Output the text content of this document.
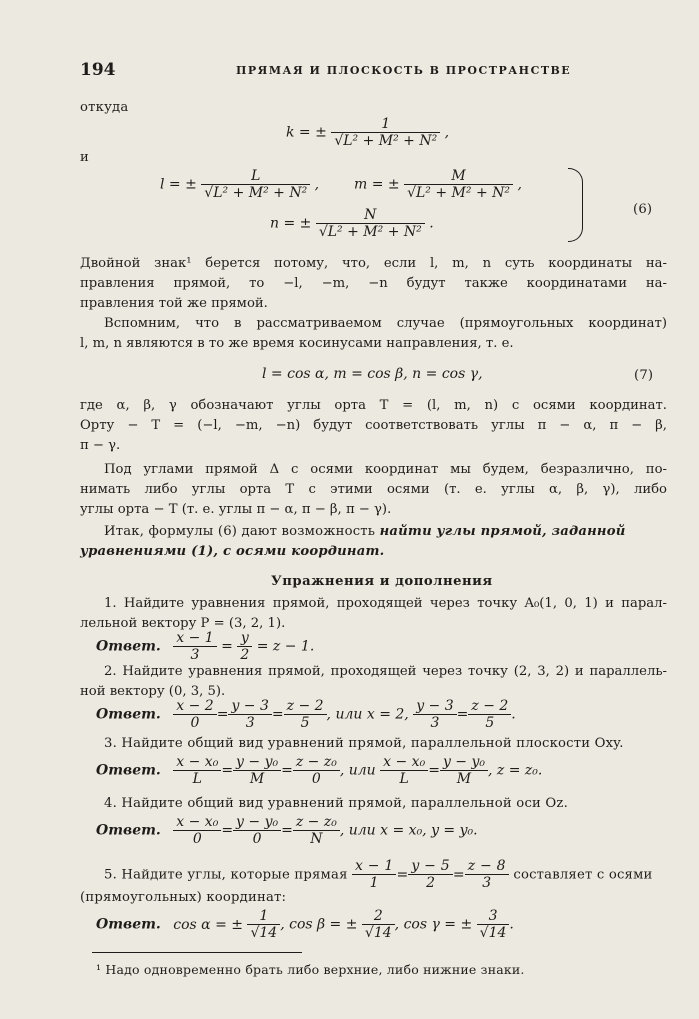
194	ПРЯМАЯ И ПЛОСКОСТЬ В ПРОСТРАНСТВЕ
откуда
k = ± $\frac{1}{\text{√L² + M² + N²}}$ ,
и
l = ± $\frac{L}{\text{√L² + M² + N²}}$ , m = ± $\frac{M}{\text{√L² + M² + N²}}$ ,
n = ± $\frac{N}{\text{√L² + M² + N²}}$ .
(6)
Двойной знак¹ берется потому, что, если l, m, n суть координаты на-
правления прямой, то −l, −m, −n будут также координатами на-
правления той же прямой.
Вспомним, что в рассматриваемом случае (прямоугольных координат)
l, m, n являются в то же время косинусами направления, т. е.
l = cos α, m = cos β, n = cos γ,	(7)
где α, β, γ обозначают углы орта T = (l, m, n) с осями координат.
Орту − T = (−l, −m, −n) будут соответствовать углы π − α, π − β,
π − γ.
Под углами прямой Δ с осями координат мы будем, безразлично, по-
нимать либо углы орта T с этими осями (т. е. углы α, β, γ), либо
углы орта − T (т. е. углы π − α, π − β, π − γ).
Итак, формулы (6) дают возможность найти углы прямой, заданной
уравнениями (1), с осями координат.
Упражнения и дополнения
1. Найдите уравнения прямой, проходящей через точку A₀(1, 0, 1) и парал-
лельной вектору P = (3, 2, 1).
Ответ. $\frac{x - 1}{3} = \frac{y}{2} = z - 1$.
2. Найдите уравнения прямой, проходящей через точку (2, 3, 2) и параллель-
ной вектору (0, 3, 5).
Ответ. $\frac{x - 2}{0} = \frac{y - 3}{3} = \frac{z - 2}{5}$ , или x = 2, $\frac{y - 3}{3} = \frac{z - 2}{5}$ .
3. Найдите общий вид уравнений прямой, параллельной плоскости Oxy.
Ответ. $\frac{\text{x − x₀}}{L} = \frac{\text{y − y₀}}{M} = \frac{\text{z − z₀}}{0}$ , или $\frac{\text{x − x₀}}{L} = \frac{\text{y − y₀}}{M}$ , z = z₀.
4. Найдите общий вид уравнений прямой, параллельной оси Oz.
Ответ. $\frac{\text{x − x₀}}{0} = \frac{\text{y − y₀}}{0} = \frac{\text{z − z₀}}{N}$ , или x = x₀, y = y₀.
5. Найдите углы, которые прямая $\frac{x - 1}{1} = \frac{y - 5}{2} = \frac{z - 8}{3}$ составляет с осями
(прямоугольных) координат:
Ответ. cos α = ± $\frac{1}{√14}$ , cos β = ± $\frac{2}{√14}$ , cos γ = ± $\frac{3}{√14}$ .
¹ Надо одновременно брать либо верхние, либо нижние знаки.
